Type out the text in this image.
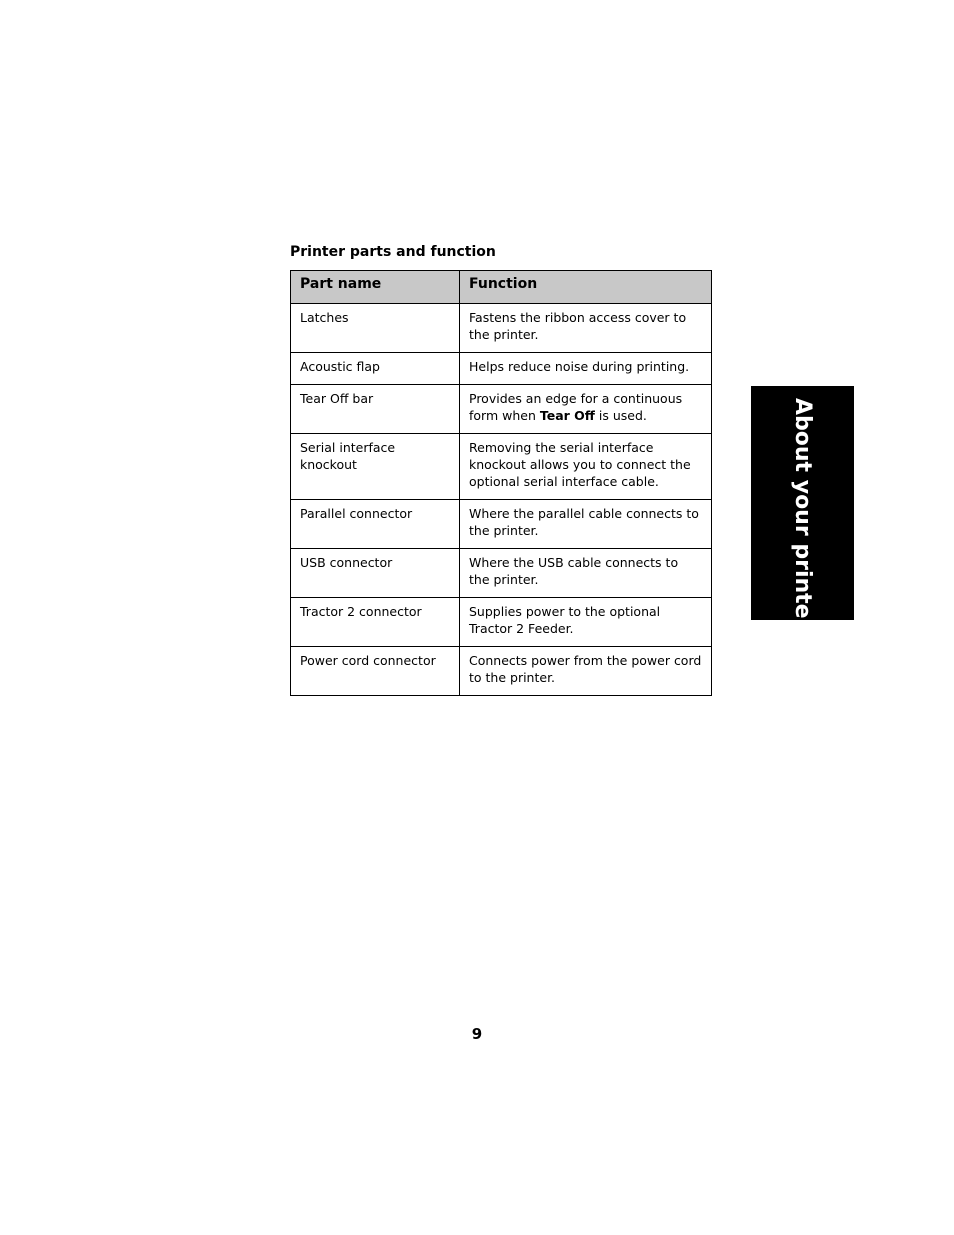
Printer parts and function
Part name	Function
Latches	Fastens the ribbon access cover to the printer.
Acoustic flap	Helps reduce noise during printing.
Tear Off bar	Provides an edge for a continuous form when Tear Off is used.
Serial interface knockout	Removing the serial interface knockout allows you to connect the optional serial interface cable.
Parallel connector	Where the parallel cable connects to the printer.
USB connector	Where the USB cable connects to the printer.
Tractor 2 connector	Supplies power to the optional Tractor 2 Feeder.
Power cord connector	Connects power from the power cord to the printer.
About your printer
9
